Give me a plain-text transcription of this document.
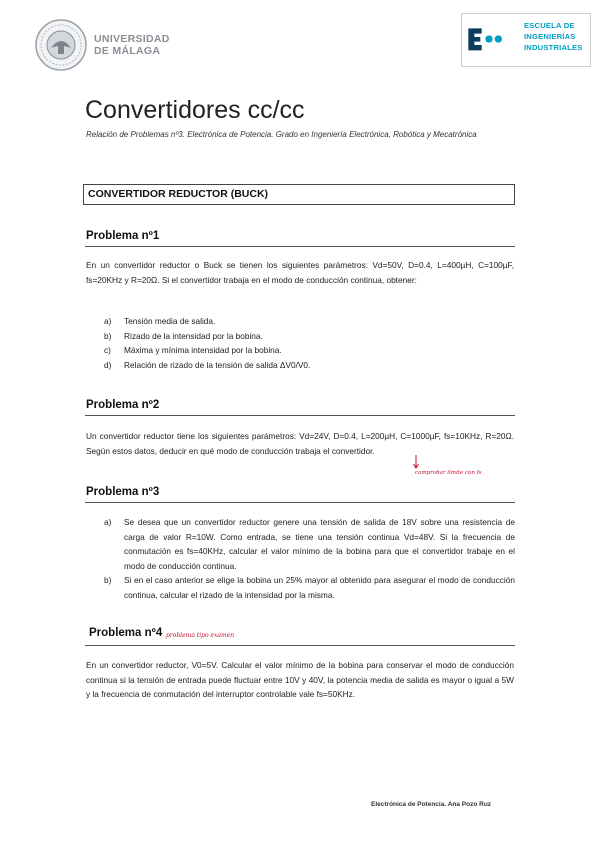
UNIVERSIDAD
DE MÁLAGA
ESCUELA DE
INGENIERÍAS
INDUSTRIALES
Convertidores cc/cc
Relación de Problemas nº3. Electrónica de Potencia. Grado en Ingeniería Electrónica, Robótica y Mecatrónica
CONVERTIDOR REDUCTOR (BUCK)
Problema nº1
En un convertidor reductor o Buck se tienen los siguientes parámetros: Vd=50V, D=0.4, L=400µH, C=100µF, fs=20KHz y R=20Ω. Si el convertidor trabaja en el modo de conducción continua, obtener:
a) Tensión media de salida.
b) Rizado de la intensidad por la bobina.
c) Máxima y mínima intensidad por la bobina.
d) Relación de rizado de la tensión de salida ΔV0/V0.
Problema nº2
Un convertidor reductor tiene los siguientes parámetros: Vd=24V, D=0.4, L=200µH, C=1000µF, fs=10KHz, R=20Ω. Según estos datos, deducir en qué modo de conducción trabaja el convertidor.
comprobar límite con fs
Problema nº3
a) Se desea que un convertidor reductor genere una tensión de salida de 18V sobre una resistencia de carga de valor R=10W. Como entrada, se tiene una tensión continua Vd=48V. Si la frecuencia de conmutación es fs=40KHz, calcular el valor mínimo de la bobina para que el convertidor trabaje en el modo de conducción continua.
b) Si en el caso anterior se elige la bobina un 25% mayor al obtenido para asegurar el modo de conducción continua, calcular el rizado de la intensidad por la misma.
Problema nº4 problema tipo examen
En un convertidor reductor, V0=5V. Calcular el valor mínimo de la bobina para conservar el modo de conducción continua si la tensión de entrada puede fluctuar entre 10V y 40V, la potencia media de salida es mayor o igual a 5W y la frecuencia de conmutación del interruptor controlable vale fs=50KHz.
Electrónica de Potencia. Ana Pozo Ruz
